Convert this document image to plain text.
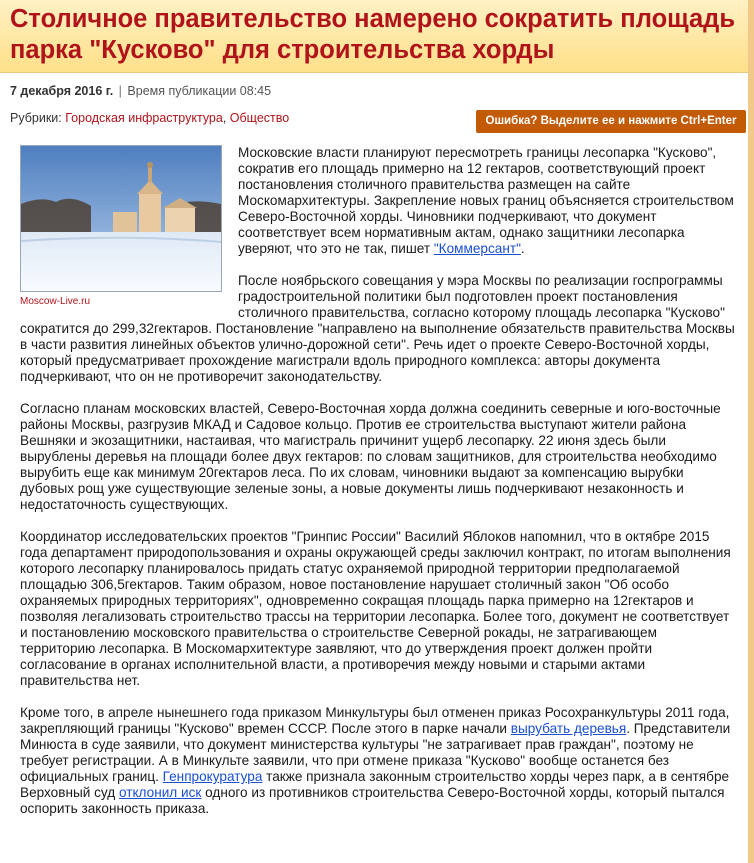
Столичное правительство намерено сократить площадь парка "Кусково" для строительства хорды
7 декабря 2016 г. | Время публикации 08:45
Рубрики: Городская инфраструктура, Общество	Ошибка? Выделите ее и нажмите Ctrl+Enter
Moscow-Live.ru

Московские власти планируют пересмотреть границы лесопарка "Кусково", сократив его площадь примерно на 12 гектаров, соответствующий проект постановления столичного правительства размещен на сайте Москомархитектуры. Закрепление новых границ объясняется строительством Северо-Восточной хорды. Чиновники подчеркивают, что документ соответствует всем нормативным актам, однако защитники лесопарка уверяют, что это не так, пишет "Коммерсант".

После ноябрьского совещания у мэра Москвы по реализации госпрограммы градостроительной политики был подготовлен проект постановления столичного правительства, согласно которому площадь лесопарка "Кусково" сократится до 299,32гектаров. Постановление "направлено на выполнение обязательств правительства Москвы в части развития линейных объектов улично-дорожной сети". Речь идет о проекте Северо-Восточной хорды, который предусматривает прохождение магистрали вдоль природного комплекса: авторы документа подчеркивают, что он не противоречит законодательству.

Согласно планам московских властей, Северо-Восточная хорда должна соединить северные и юго-восточные районы Москвы, разгрузив МКАД и Садовое кольцо. Против ее строительства выступают жители района Вешняки и экозащитники, настаивая, что магистраль причинит ущерб лесопарку. 22 июня здесь были вырублены деревья на площади более двух гектаров: по словам защитников, для строительства необходимо вырубить еще как минимум 20гектаров леса. По их словам, чиновники выдают за компенсацию вырубки дубовых рощ уже существующие зеленые зоны, а новые документы лишь подчеркивают незаконность и недостаточность существующих.

Координатор исследовательских проектов "Гринпис России" Василий Яблоков напомнил, что в октябре 2015 года департамент природопользования и охраны окружающей среды заключил контракт, по итогам выполнения которого лесопарку планировалось придать статус охраняемой природной территории предполагаемой площадью 306,5гектаров. Таким образом, новое постановление нарушает столичный закон "Об особо охраняемых природных территориях", одновременно сокращая площадь парка примерно на 12гектаров и позволяя легализовать строительство трассы на территории лесопарка. Более того, документ не соответствует и постановлению московского правительства о строительстве Северной рокады, не затрагивающем территорию лесопарка. В Москомархитектуре заявляют, что до утверждения проект должен пройти согласование в органах исполнительной власти, а противоречия между новыми и старыми актами правительства нет.

Кроме того, в апреле нынешнего года приказом Минкультуры был отменен приказ Росохранкультуры 2011 года, закрепляющий границы "Кусково" времен СССР. После этого в парке начали вырубать деревья. Представители Минюста в суде заявили, что документ министерства культуры "не затрагивает прав граждан", поэтому не требует регистрации. А в Минкульте заявили, что при отмене приказа "Кусково" вообще останется без официальных границ. Генпрокуратура также признала законным строительство хорды через парк, а в сентябре Верховный суд отклонил иск одного из противников строительства Северо-Восточной хорды, который пытался оспорить законность приказа.
